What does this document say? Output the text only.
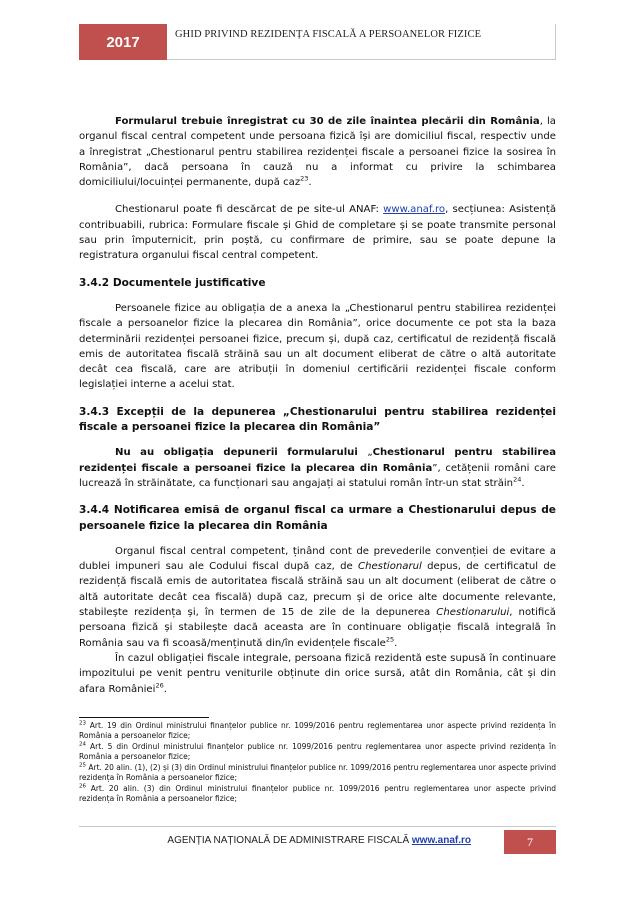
2017	GHID PRIVIND REZIDENȚA FISCALĂ A PERSOANELOR FIZICE

Formularul trebuie înregistrat cu 30 de zile înaintea plecării din România, la organul fiscal central competent unde persoana fizică își are domiciliul fiscal, respectiv unde a înregistrat „Chestionarul pentru stabilirea rezidenței fiscale a persoanei fizice la sosirea în România”, dacă persoana în cauză nu a informat cu privire la schimbarea domiciliului/locuinței permanente, după caz$^{23}$.

Chestionarul poate fi descărcat de pe site-ul ANAF: www.anaf.ro, secțiunea: Asistență contribuabili, rubrica: Formulare fiscale și Ghid de completare și se poate transmite personal sau prin împuternicit, prin poștă, cu confirmare de primire, sau se poate depune la registratura organului fiscal central competent.

3.4.2 Documentele justificative

Persoanele fizice au obligația de a anexa la „Chestionarul pentru stabilirea rezidenței fiscale a persoanelor fizice la plecarea din România”, orice documente ce pot sta la baza determinării rezidenței persoanei fizice, precum și, după caz, certificatul de rezidență fiscală emis de autoritatea fiscală străină sau un alt document eliberat de către o altă autoritate decât cea fiscală, care are atribuții în domeniul certificării rezidenței fiscale conform legislației interne a acelui stat.

3.4.3 Excepții de la depunerea „Chestionarului pentru stabilirea rezidenței fiscale a persoanei fizice la plecarea din România”

Nu au obligația depunerii formularului „Chestionarul pentru stabilirea rezidenței fiscale a persoanei fizice la plecarea din România”, cetățenii români care lucrează în străinătate, ca funcționari sau angajați ai statului român într-un stat străin$^{24}$.

3.4.4 Notificarea emisă de organul fiscal ca urmare a Chestionarului depus de persoanele fizice la plecarea din România

Organul fiscal central competent, ținând cont de prevederile convenției de evitare a dublei impuneri sau ale Codului fiscal după caz, de Chestionarul depus, de certificatul de rezidență fiscală emis de autoritatea fiscală străină sau un alt document (eliberat de către o altă autoritate decât cea fiscală) după caz, precum și de orice alte documente relevante, stabilește rezidența și, în termen de 15 de zile de la depunerea Chestionarului, notifică persoana fizică și stabilește dacă aceasta are în continuare obligație fiscală integrală în România sau va fi scoasă/menținută din/în evidențele fiscale$^{25}$.

În cazul obligației fiscale integrale, persoana fizică rezidentă este supusă în continuare impozitului pe venit pentru veniturile obținute din orice sursă, atât din România, cât și din afara României$^{26}$.

$^{23}$ Art. 19 din Ordinul ministrului finanțelor publice nr. 1099/2016 pentru reglementarea unor aspecte privind rezidența în România a persoanelor fizice;

$^{24}$ Art. 5 din Ordinul ministrului finanțelor publice nr. 1099/2016 pentru reglementarea unor aspecte privind rezidența în România a persoanelor fizice;

$^{25}$ Art. 20 alin. (1), (2) și (3) din Ordinul ministrului finanțelor publice nr. 1099/2016 pentru reglementarea unor aspecte privind rezidența în România a persoanelor fizice;

$^{26}$ Art. 20 alin. (3) din Ordinul ministrului finanțelor publice nr. 1099/2016 pentru reglementarea unor aspecte privind rezidența în România a persoanelor fizice;

AGENȚIA NAȚIONALĂ DE ADMINISTRARE FISCALĂ www.anaf.ro	7
